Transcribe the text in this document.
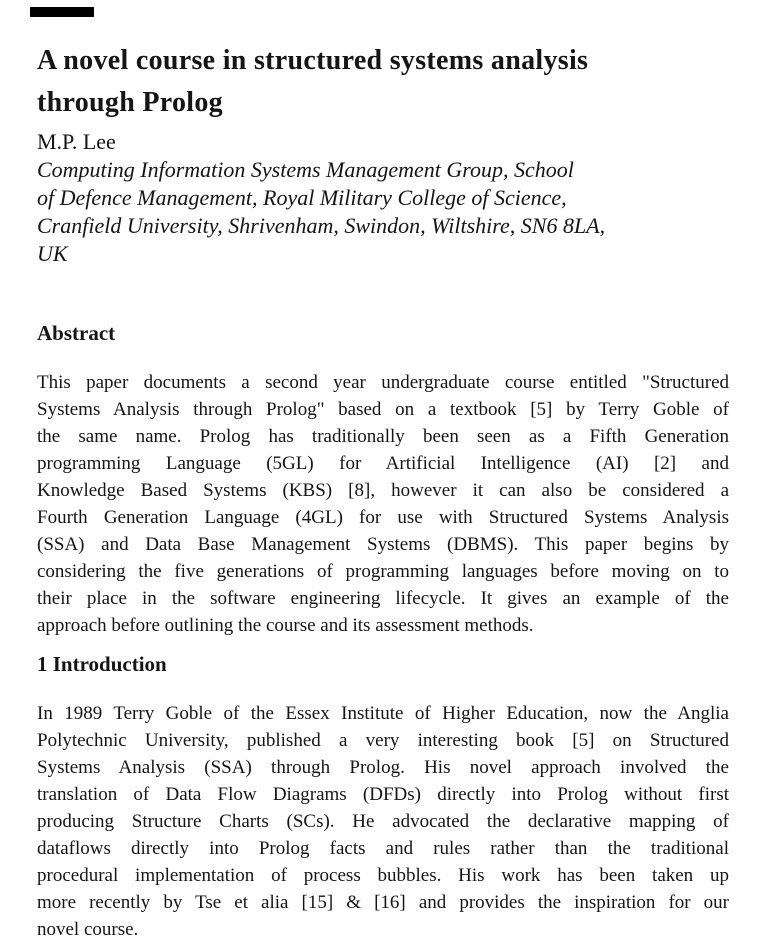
A novel course in structured systems analysis
through Prolog
M.P. Lee
Computing Information Systems Management Group, School
of Defence Management, Royal Military College of Science,
Cranfield University, Shrivenham, Swindon, Wiltshire, SN6 8LA,
UK
Abstract
This paper documents a second year undergraduate course entitled "Structured
Systems Analysis through Prolog" based on a textbook [5] by Terry Goble of
the same name. Prolog has traditionally been seen as a Fifth Generation
programming Language (5GL) for Artificial Intelligence (AI) [2] and
Knowledge Based Systems (KBS) [8], however it can also be considered a
Fourth Generation Language (4GL) for use with Structured Systems Analysis
(SSA) and Data Base Management Systems (DBMS). This paper begins by
considering the five generations of programming languages before moving on to
their place in the software engineering lifecycle. It gives an example of the
approach before outlining the course and its assessment methods.
1 Introduction
In 1989 Terry Goble of the Essex Institute of Higher Education, now the Anglia
Polytechnic University, published a very interesting book [5] on Structured
Systems Analysis (SSA) through Prolog. His novel approach involved the
translation of Data Flow Diagrams (DFDs) directly into Prolog without first
producing Structure Charts (SCs). He advocated the declarative mapping of
dataflows directly into Prolog facts and rules rather than the traditional
procedural implementation of process bubbles. His work has been taken up
more recently by Tse et alia [15] & [16] and provides the inspiration for our
novel course.
